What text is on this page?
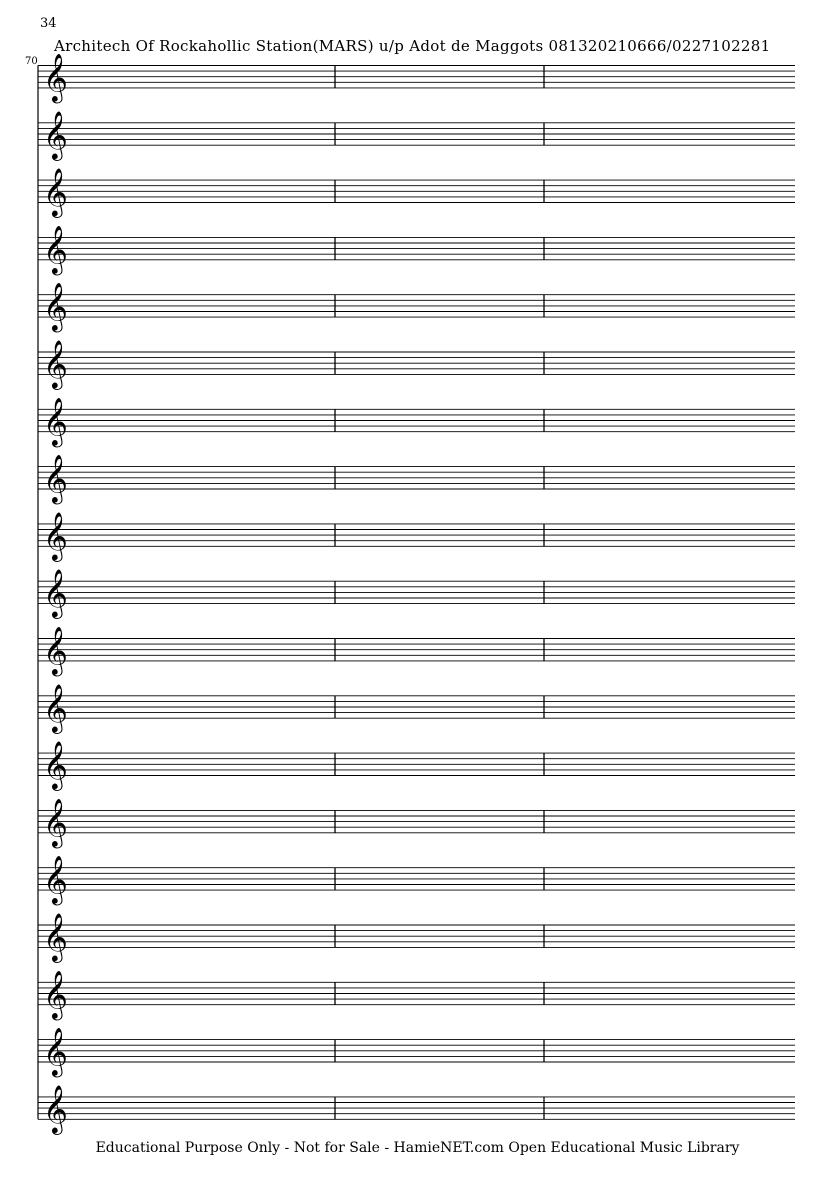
34
Architech Of Rockahollic Station(MARS) u/p Adot de Maggots 081320210666/0227102281
70 𝄞
𝄞
𝄞
𝄞
𝄞
𝄞
𝄞
𝄞
𝄞
𝄞
𝄞
𝄞
𝄞
𝄞
𝄞
𝄞
𝄞
𝄞
𝄞
Educational Purpose Only - Not for Sale - HamieNET.com Open Educational Music Library
